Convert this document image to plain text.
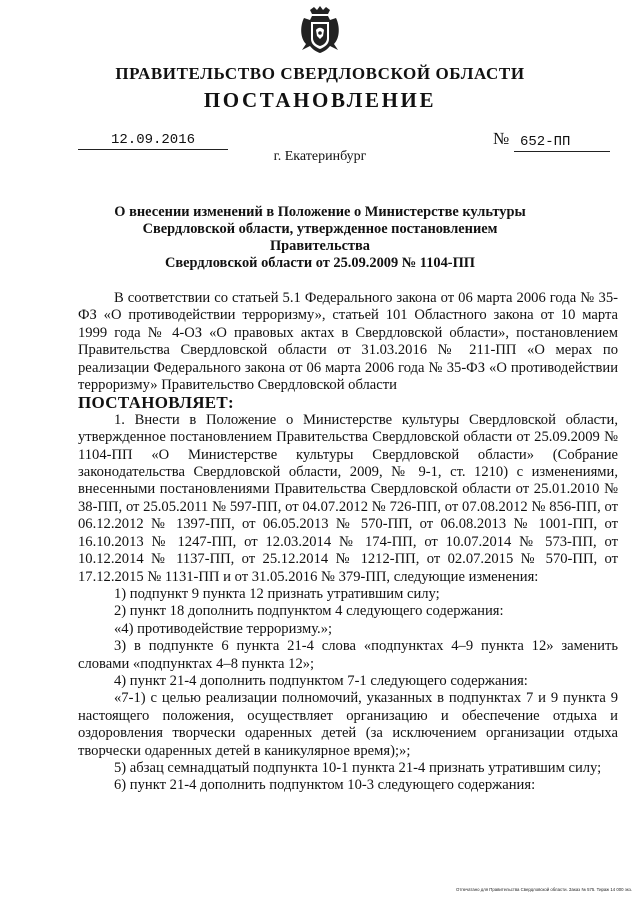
ПРАВИТЕЛЬСТВО СВЕРДЛОВСКОЙ ОБЛАСТИ
ПОСТАНОВЛЕНИЕ
12.09.2016	№ 652-ПП
г. Екатеринбург
О внесении изменений в Положение о Министерстве культуры
Свердловской области, утвержденное постановлением Правительства
Свердловской области от 25.09.2009 № 1104-ПП

В соответствии со статьей 5.1 Федерального закона от 06 марта 2006 года № 35-ФЗ «О противодействии терроризму», статьей 101 Областного закона от 10 марта 1999 года № 4-ОЗ «О правовых актах в Свердловской области», постановлением Правительства Свердловской области от 31.03.2016 № 211-ПП «О мерах по реализации Федерального закона от 06 марта 2006 года № 35-ФЗ «О противодействии терроризму» Правительство Свердловской области

ПОСТАНОВЛЯЕТ:

1. Внести в Положение о Министерстве культуры Свердловской области, утвержденное постановлением Правительства Свердловской области от 25.09.2009 № 1104-ПП «О Министерстве культуры Свердловской области» (Собрание законодательства Свердловской области, 2009, № 9-1, ст. 1210) с изменениями, внесенными постановлениями Правительства Свердловской области от 25.01.2010 № 38-ПП, от 25.05.2011 № 597-ПП, от 04.07.2012 № 726-ПП, от 07.08.2012 № 856-ПП, от 06.12.2012 № 1397-ПП, от 06.05.2013 № 570-ПП, от 06.08.2013 № 1001-ПП, от 16.10.2013 № 1247-ПП, от 12.03.2014 № 174-ПП, от 10.07.2014 № 573-ПП, от 10.12.2014 № 1137-ПП, от 25.12.2014 № 1212-ПП, от 02.07.2015 № 570-ПП, от 17.12.2015 № 1131-ПП и от 31.05.2016 № 379-ПП, следующие изменения:

1) подпункт 9 пункта 12 признать утратившим силу;

2) пункт 18 дополнить подпунктом 4 следующего содержания:

«4) противодействие терроризму.»;

3) в подпункте 6 пункта 21-4 слова «подпунктах 4–9 пункта 12» заменить словами «подпунктах 4–8 пункта 12»;

4) пункт 21-4 дополнить подпунктом 7-1 следующего содержания:

«7-1) с целью реализации полномочий, указанных в подпунктах 7 и 9 пункта 9 настоящего положения, осуществляет организацию и обеспечение отдыха и оздоровления творчески одаренных детей (за исключением организации отдыха творчески одаренных детей в каникулярное время);»;

5) абзац семнадцатый подпункта 10-1 пункта 21-4 признать утратившим силу;

6) пункт 21-4 дополнить подпунктом 10-3 следующего содержания:

Отпечатано для Правительства Свердловской области. Заказ № 575. Тираж 14 000 экз.
